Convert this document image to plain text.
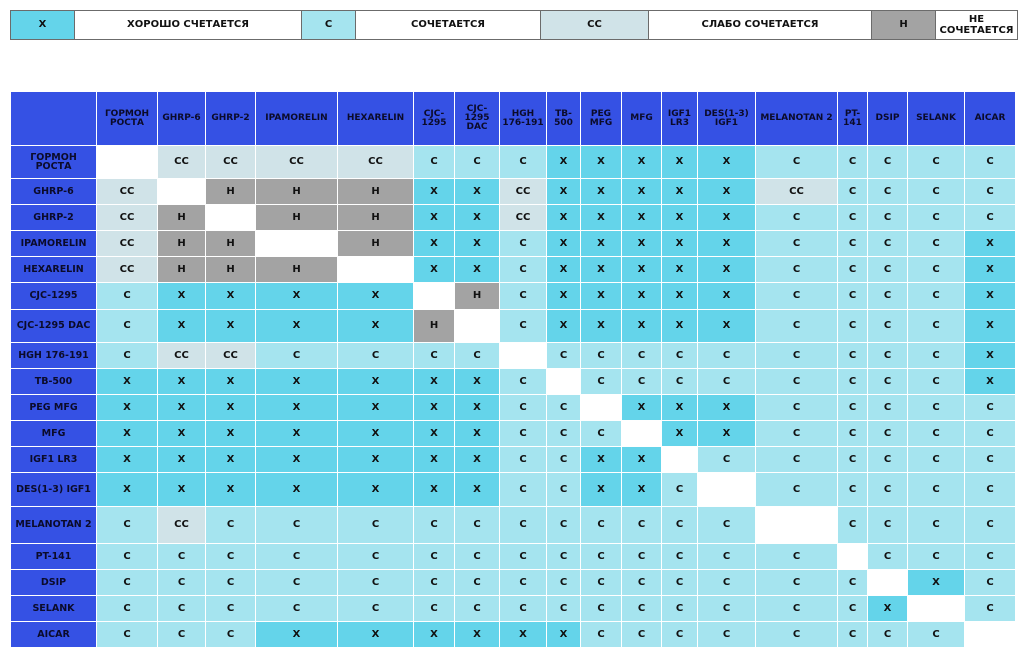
Х	ХОРОШО СЧЕТАЕТСЯ	С	СОЧЕТАЕТСЯ	СС	СЛАБО СОЧЕТАЕТСЯ	Н	НЕ СОЧЕТАЕТСЯ
	ГОРМОН РОСТА	GHRP-6	GHRP-2	IPAMORELIN	HEXARELIN	CJC-1295	CJC-1295 DAC	HGH 176-191	TB-500	PEG MFG	MFG	IGF1 LR3	DES(1-3) IGF1	MELANOTAN 2	PT-141	DSIP	SELANK	AICAR
ГОРМОН РОСТА		СС	СС	СС	СС	С	С	С	Х	Х	Х	Х	Х	С	С	С	С	С
GHRP-6	СС		Н	Н	Н	Х	Х	СС	Х	Х	Х	Х	Х	СС	С	С	С	С
GHRP-2	СС	Н		Н	Н	Х	Х	СС	Х	Х	Х	Х	Х	С	С	С	С	С
IPAMORELIN	СС	Н	Н		Н	Х	Х	С	Х	Х	Х	Х	Х	С	С	С	С	Х
HEXARELIN	СС	Н	Н	Н		Х	Х	С	Х	Х	Х	Х	Х	С	С	С	С	Х
CJC-1295	С	Х	Х	Х	Х		Н	С	Х	Х	Х	Х	Х	С	С	С	С	Х
CJC-1295 DAC	С	Х	Х	Х	Х	Н		С	Х	Х	Х	Х	Х	С	С	С	С	Х
HGH 176-191	С	СС	СС	С	С	С	С		С	С	С	С	С	С	С	С	С	Х
TB-500	Х	Х	Х	Х	Х	Х	Х	С		С	С	С	С	С	С	С	С	Х
PEG MFG	Х	Х	Х	Х	Х	Х	Х	С	С		Х	Х	Х	С	С	С	С	С
MFG	Х	Х	Х	Х	Х	Х	Х	С	С	С		Х	Х	С	С	С	С	С
IGF1 LR3	Х	Х	Х	Х	Х	Х	Х	С	С	Х	Х		С	С	С	С	С	С
DES(1-3) IGF1	Х	Х	Х	Х	Х	Х	Х	С	С	Х	Х	С		С	С	С	С	С
MELANOTAN 2	С	СС	С	С	С	С	С	С	С	С	С	С	С		С	С	С	С
PT-141	С	С	С	С	С	С	С	С	С	С	С	С	С	С		С	С	С
DSIP	С	С	С	С	С	С	С	С	С	С	С	С	С	С	С		Х	С
SELANK	С	С	С	С	С	С	С	С	С	С	С	С	С	С	С	Х		С
AICAR	С	С	С	Х	Х	Х	Х	Х	Х	С	С	С	С	С	С	С	С	
